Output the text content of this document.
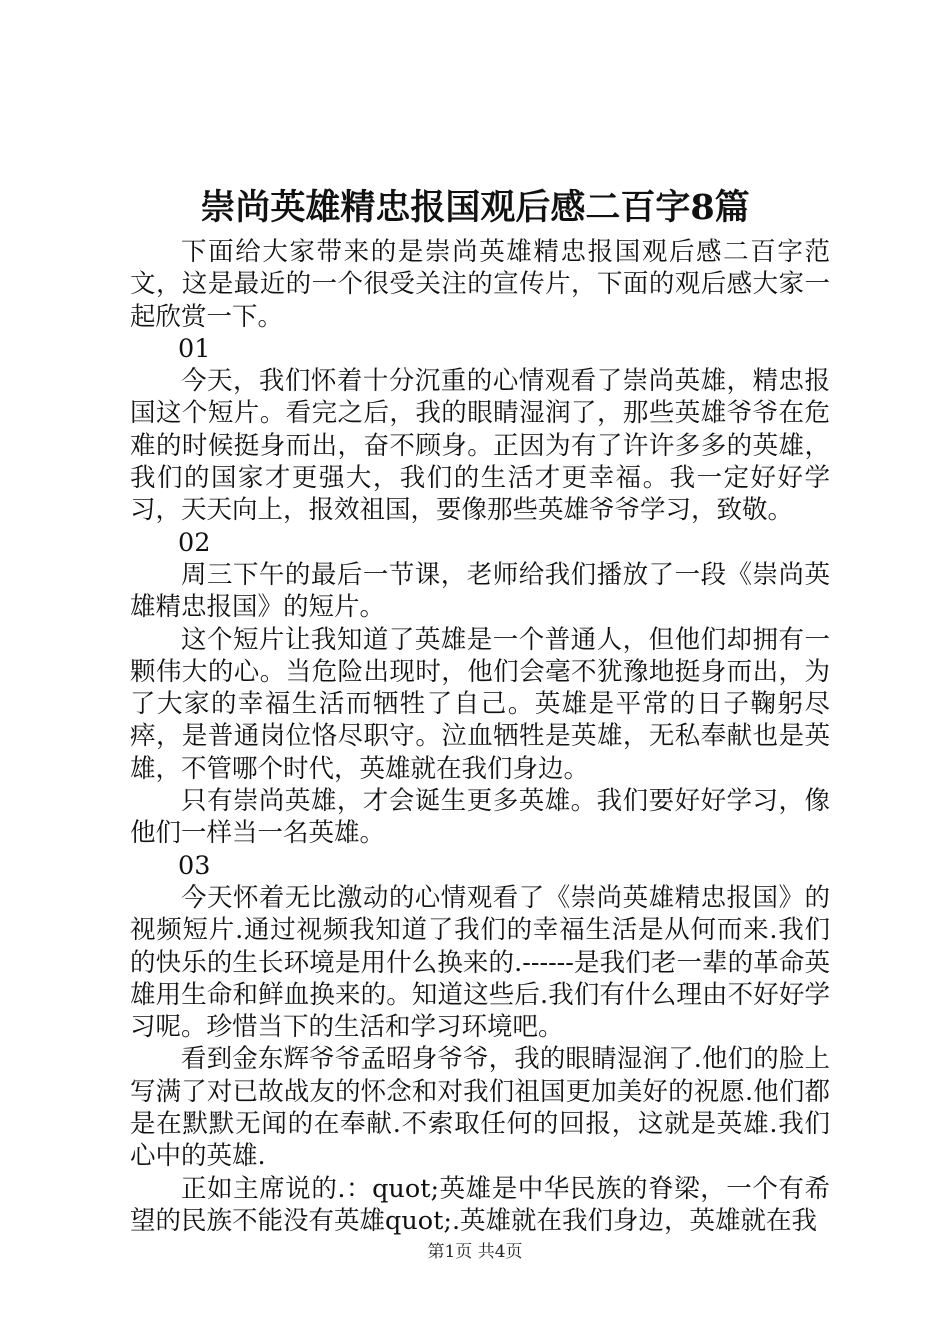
崇尚英雄精忠报国观后感二百字8篇

下面给大家带来的是崇尚英雄精忠报国观后感二百字范文，这是最近的一个很受关注的宣传片，下面的观后感大家一起欣赏一下。

01

今天，我们怀着十分沉重的心情观看了崇尚英雄，精忠报国这个短片。看完之后，我的眼睛湿润了，那些英雄爷爷在危难的时候挺身而出，奋不顾身。正因为有了许许多多的英雄，我们的国家才更强大，我们的生活才更幸福。我一定好好学习，天天向上，报效祖国，要像那些英雄爷爷学习，致敬。

02

周三下午的最后一节课，老师给我们播放了一段《崇尚英雄精忠报国》的短片。

这个短片让我知道了英雄是一个普通人，但他们却拥有一颗伟大的心。当危险出现时，他们会毫不犹豫地挺身而出，为了大家的幸福生活而牺牲了自己。英雄是平常的日子鞠躬尽瘁，是普通岗位恪尽职守。泣血牺牲是英雄，无私奉献也是英雄，不管哪个时代，英雄就在我们身边。

只有崇尚英雄，才会诞生更多英雄。我们要好好学习，像他们一样当一名英雄。

03

今天怀着无比激动的心情观看了《崇尚英雄精忠报国》的视频短片.通过视频我知道了我们的幸福生活是从何而来.我们的快乐的生长环境是用什么换来的.------是我们老一辈的革命英雄用生命和鲜血换来的。知道这些后.我们有什么理由不好好学习呢。珍惜当下的生活和学习环境吧。

看到金东辉爷爷孟昭身爷爷，我的眼睛湿润了.他们的脸上写满了对已故战友的怀念和对我们祖国更加美好的祝愿.他们都是在默默无闻的在奉献.不索取任何的回报，这就是英雄.我们心中的英雄.

正如主席说的.：quot;英雄是中华民族的脊梁，一个有希望的民族不能没有英雄quot;.英雄就在我们身边，英雄就在我

第1页 共4页
